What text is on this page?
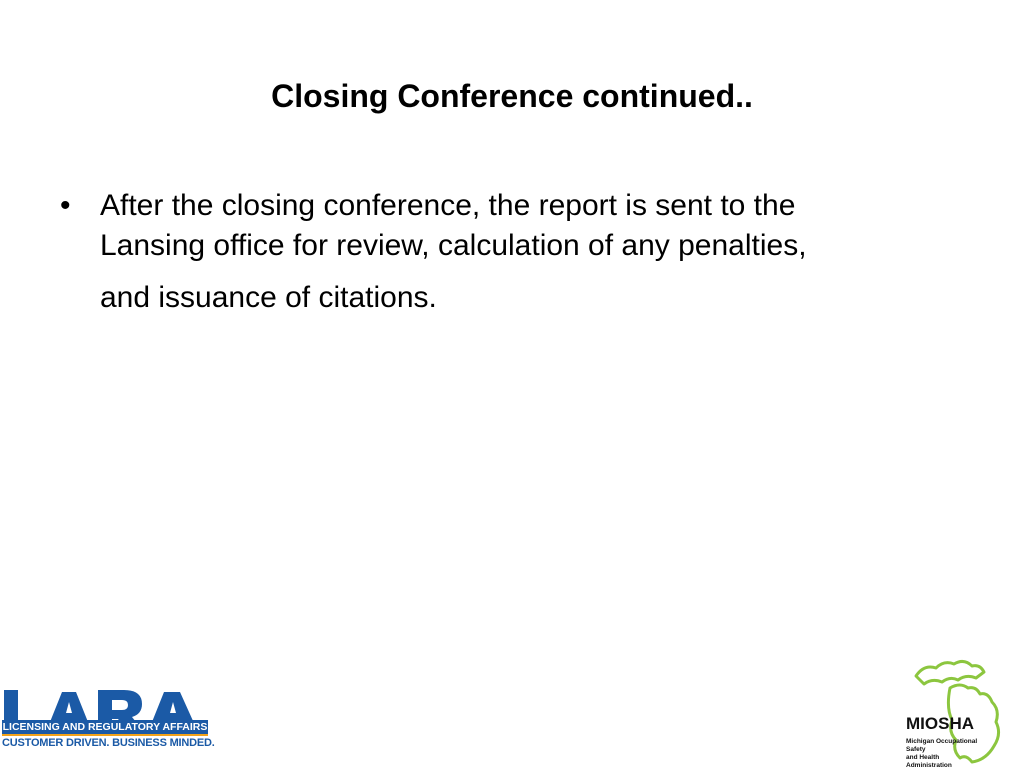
Closing Conference continued..
• After the closing conference, the report is sent to the
Lansing office for review, calculation of any penalties,
and issuance of citations.
LICENSING AND REGULATORY AFFAIRS
CUSTOMER DRIVEN. BUSINESS MINDED.
MIOSHA
Michigan Occupational Safety
and Health Administration
